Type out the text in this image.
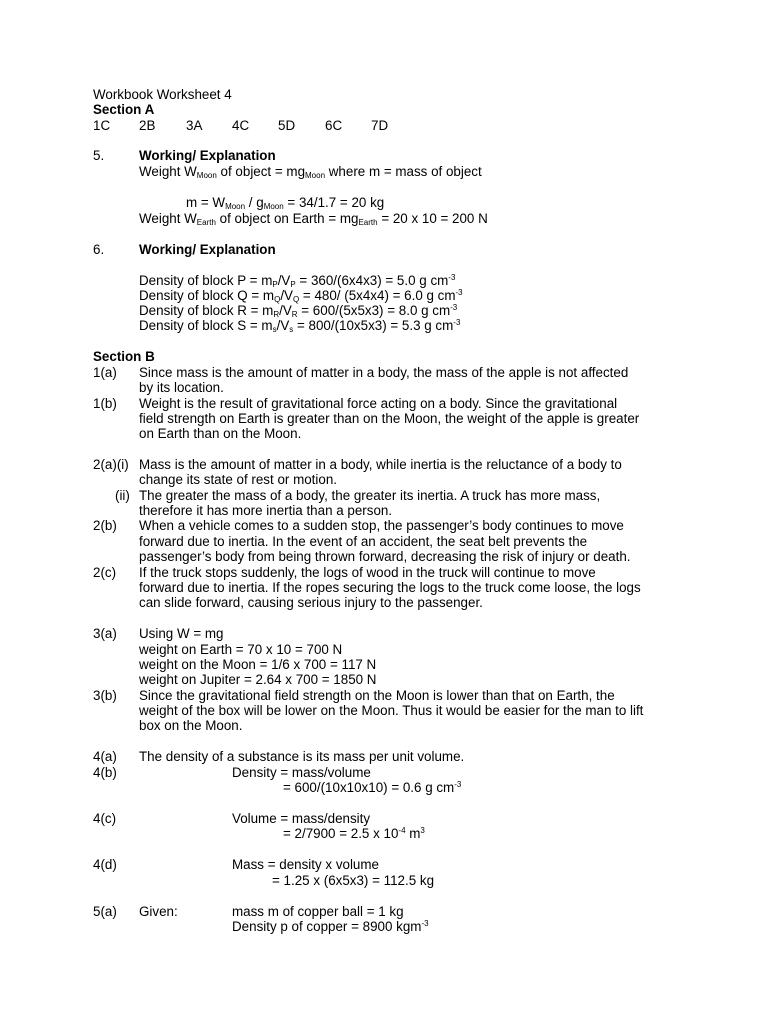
Workbook Worksheet 4
Section A
1C 2B 3A 4C 5D 6C 7D
5.	Working/ Explanation
Weight $W_{Moon}$ of object = $mg_{Moon}$ where m = mass of object
$m = W_{Moon} / g_{Moon} = 34/1.7 = 20$ kg
Weight $W_{Earth}$ of object on Earth = $mg_{Earth} = 20$ x 10 = 200 N
6.	Working/ Explanation
Density of block $P = m_P/V_P = 360/(6x4x3) = 5.0$ g $cm^{-3}$
Density of block $Q = m_Q/V_Q = 480/$ (5x4x4) = 6.0 g $cm^{-3}$
Density of block $R = m_R/V_R = 600/(5x5x3) = 8.0$ g $cm^{-3}$
Density of block $S = m_s/V_s = 800/(10x5x3) = 5.3$ g $cm^{-3}$
Section B
1(a) Since mass is the amount of matter in a body, the mass of the apple is not affected
by its location.
1(b) Weight is the result of gravitational force acting on a body. Since the gravitational
field strength on Earth is greater than on the Moon, the weight of the apple is greater
on Earth than on the Moon.
2(a)(i) Mass is the amount of matter in a body, while inertia is the reluctance of a body to
change its state of rest or motion.
(ii) The greater the mass of a body, the greater its inertia. A truck has more mass,
therefore it has more inertia than a person.
2(b) When a vehicle comes to a sudden stop, the passenger’s body continues to move
forward due to inertia. In the event of an accident, the seat belt prevents the
passenger’s body from being thrown forward, decreasing the risk of injury or death.
2(c) If the truck stops suddenly, the logs of wood in the truck will continue to move
forward due to inertia. If the ropes securing the logs to the truck come loose, the logs
can slide forward, causing serious injury to the passenger.
3(a) Using W = mg
weight on Earth = 70 x 10 = 700 N
weight on the Moon = 1/6 x 700 = 117 N
weight on Jupiter = 2.64 x 700 = 1850 N
3(b) Since the gravitational field strength on the Moon is lower than that on Earth, the
weight of the box will be lower on the Moon. Thus it would be easier for the man to lift
box on the Moon.
4(a) The density of a substance is its mass per unit volume.
4(b)	Density = mass/volume
= 600/(10x10x10) = 0.6 g $cm^{-3}$
4(c)	Volume = mass/density
= 2/7900 = 2.5 x $10^{-4}$ $m^3$
4(d)	Mass = density x volume
= 1.25 x (6x5x3) = 112.5 kg
5(a) Given:	mass m of copper ball = 1 kg
Density p of copper = 8900 kgm$^{-3}$
